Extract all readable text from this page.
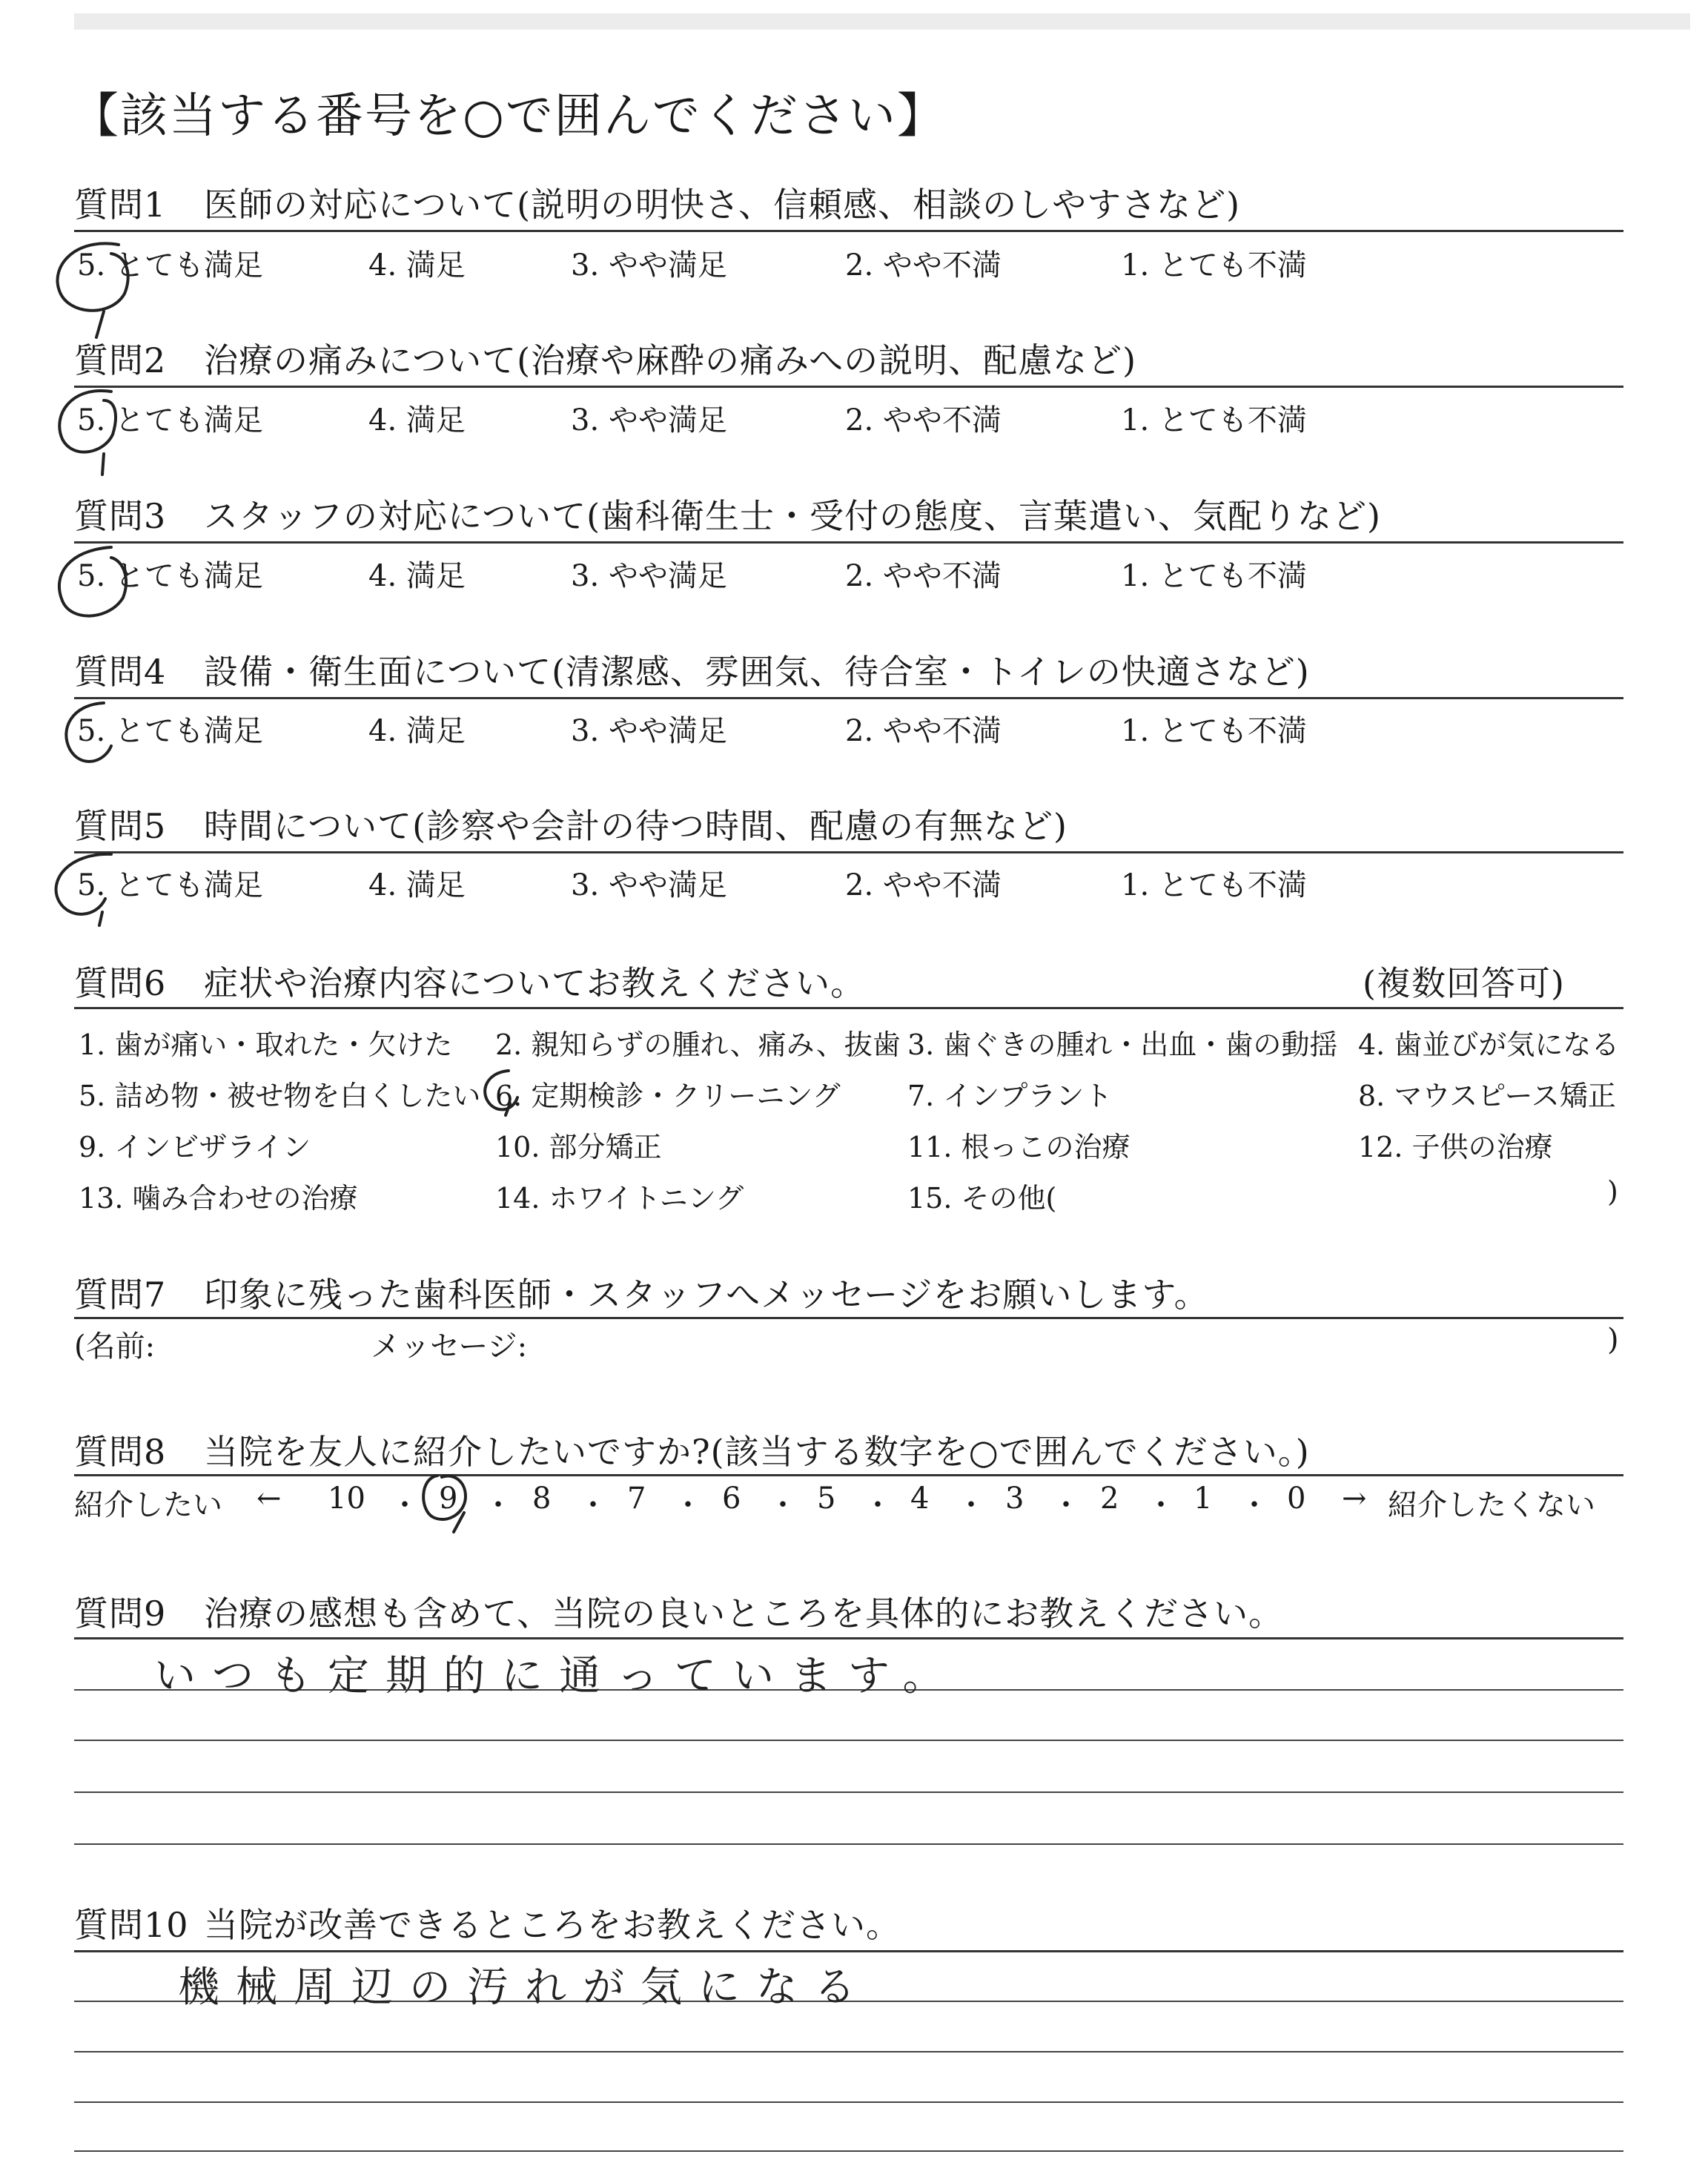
【該当する番号を○で囲んでください】
質問1 医師の対応について(説明の明快さ、信頼感、相談のしやすさなど)
5. とても満足	4. 満足	3. やや満足	2. やや不満	1. とても不満
質問2 治療の痛みについて(治療や麻酔の痛みへの説明、配慮など)
5. とても満足	4. 満足	3. やや満足	2. やや不満	1. とても不満
質問3 スタッフの対応について(歯科衛生士・受付の態度、言葉遣い、気配りなど)
5. とても満足	4. 満足	3. やや満足	2. やや不満	1. とても不満
質問4 設備・衛生面について(清潔感、雰囲気、待合室・トイレの快適さなど)
5. とても満足	4. 満足	3. やや満足	2. やや不満	1. とても不満
質問5 時間について(診察や会計の待つ時間、配慮の有無など)
5. とても満足	4. 満足	3. やや満足	2. やや不満	1. とても不満
質問6 症状や治療内容についてお教えください。	(複数回答可)
1. 歯が痛い・取れた・欠けた 2. 親知らずの腫れ、痛み、抜歯 3. 歯ぐきの腫れ・出血・歯の動揺 4. 歯並びが気になる
5. 詰め物・被せ物を白くしたい 6. 定期検診・クリーニング 7. インプラント	8. マウスピース矯正
9. インビザライン	10. 部分矯正	11. 根っこの治療	12. 子供の治療
13. 噛み合わせの治療	14. ホワイトニング	15. その他(	)
質問7 印象に残った歯科医師・スタッフへメッセージをお願いします。
(名前:	メッセージ:	)
質問8 当院を友人に紹介したいですか?(該当する数字を○で囲んでください。)
紹介したい ← 10 ・ 9 ・ 8 ・ 7 ・ 6 ・ 5 ・ 4 ・ 3 ・ 2 ・ 1 ・ 0 → 紹介したくない
質問9 治療の感想も含めて、当院の良いところを具体的にお教えください。
いつも定期的に通っています。
質問10 当院が改善できるところをお教えください。
機械周辺の汚れが気になる
